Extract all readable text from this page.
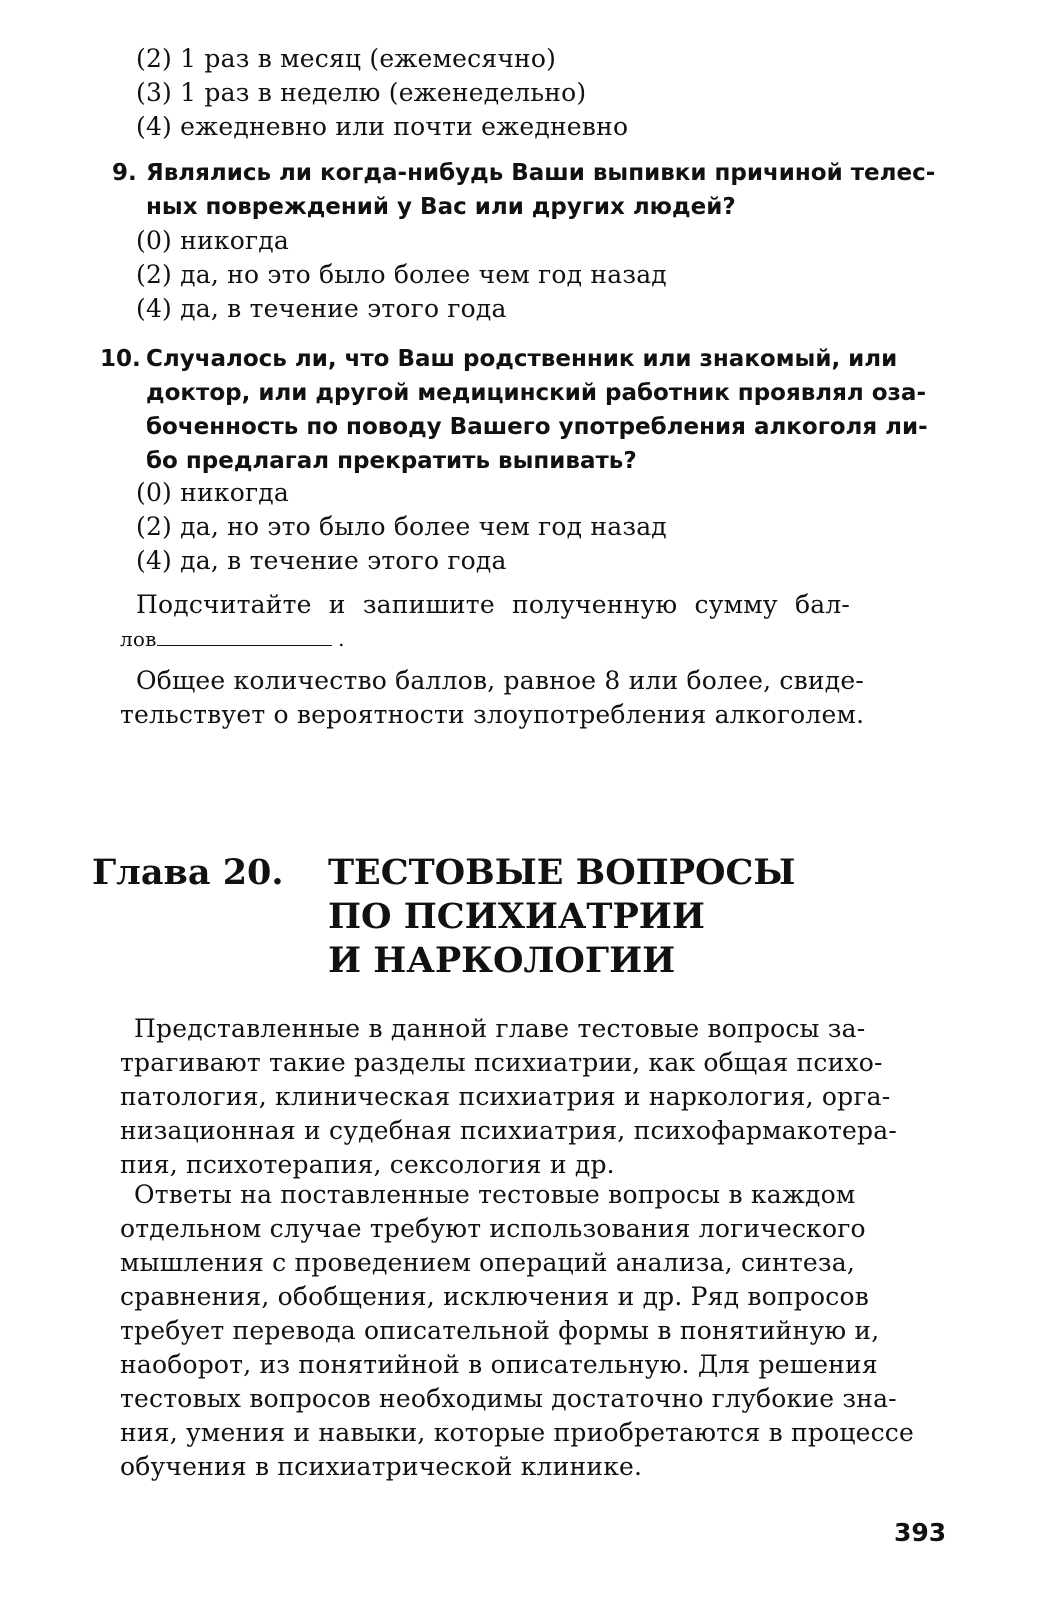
(2) 1 раз в месяц (ежемесячно)
(3) 1 раз в неделю (еженедельно)
(4) ежедневно или почти ежедневно
9. Являлись ли когда-нибудь Ваши выпивки причиной телес-
ных повреждений у Вас или других людей?
(0) никогда
(2) да, но это было более чем год назад
(4) да, в течение этого года
10. Случалось ли, что Ваш родственник или знакомый, или
доктор, или другой медицинский работник проявлял оза-
боченность по поводу Вашего употребления алкоголя ли-
бо предлагал прекратить выпивать?
(0) никогда
(2) да, но это было более чем год назад
(4) да, в течение этого года
Подсчитайте и запишите полученную сумму бал-
лов	.
Общее количество баллов, равное 8 или более, свиде-
тельствует о вероятности злоупотребления алкоголем.
Глава 20. ТЕСТОВЫЕ ВОПРОСЫ
ПО ПСИХИАТРИИ
И НАРКОЛОГИИ
Представленные в данной главе тестовые вопросы за-
трагивают такие разделы психиатрии, как общая психо-
патология, клиническая психиатрия и наркология, орга-
низационная и судебная психиатрия, психофармакотера-
пия, психотерапия, сексология и др.
Ответы на поставленные тестовые вопросы в каждом
отдельном случае требуют использования логического
мышления с проведением операций анализа, синтеза,
сравнения, обобщения, исключения и др. Ряд вопросов
требует перевода описательной формы в понятийную и,
наоборот, из понятийной в описательную. Для решения
тестовых вопросов необходимы достаточно глубокие зна-
ния, умения и навыки, которые приобретаются в процессе
обучения в психиатрической клинике.
393
